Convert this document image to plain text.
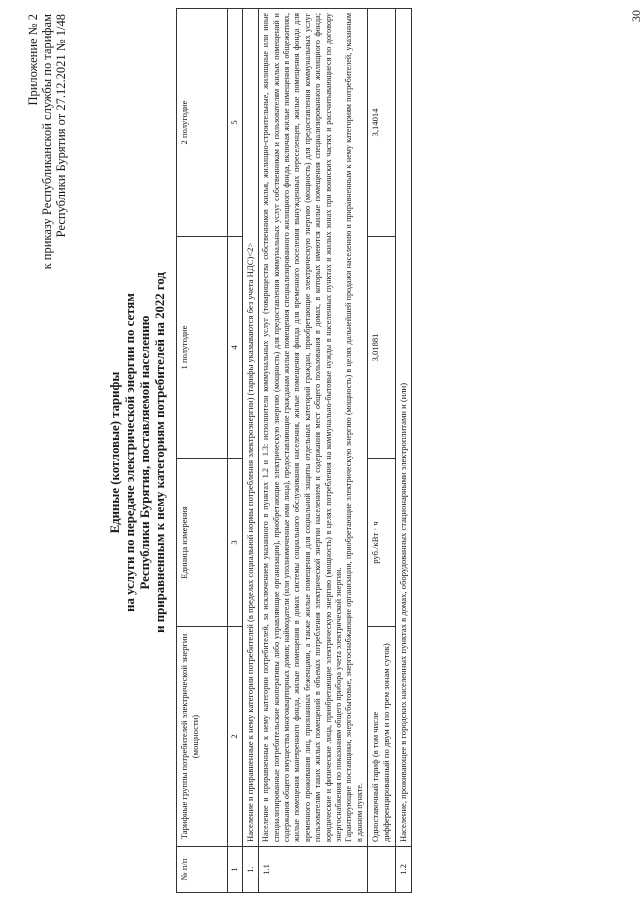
Приложение № 2 к приказу Республиканской службы по тарифам Республики Бурятия от 27.12.2021 № 1/48
Единые (котловые) тарифы на услуги по передаче электрической энергии по сетям Республики Бурятия, поставляемой населению и приравненным к нему категориям потребителей на 2022 год
№ п/п	Тарифные группы потребителей электрической энергии (мощности)	Единица измерения	1 полугодие	2 полугодие
1	2	3	4	5
1.	Население и приравненные к нему категории потребителей (в пределах социальной нормы потребления электроэнергии) (тарифы указываются без учета НДС)<2>			
1.1	Население и приравненные к нему категории потребителей, за исключением указанного в пунктах 1.2 и 1.3: исполнители коммунальных услуг (товарищества собственников жилья, жилищно-строительные, жилищные или иные специализированные потребительские кооперативы либо управляющие организации), приобретающие электрическую энергию (мощность) для предоставления коммунальных услуг собственникам и пользователям жилых помещений и содержания общего имущества многоквартирных домов; наймодатели (или уполномоченные ими лица), предоставляющие гражданам жилые помещения специализированного жилищного фонда, включая жилые помещения в общежитиях, жилые помещения маневренного фонда, жилые помещения в домах системы социального обслуживания населения, жилые помещения фонда для временного поселения вынужденных переселенцев, жилые помещения фонда для временного проживания лиц, признанных беженцами, а также жилые помещения для социальной защиты отдельных категорий граждан, приобретающие электрическую энергию (мощность) для предоставления коммунальных услуг пользователям таких жилых помещений в объемах потребления электрической энергии населением и содержания мест общего пользования в домах, в которых имеются жилые помещения специализированного жилищного фонда; юридические и физические лица, приобретающие электрическую энергию (мощность) в целях потребления на коммунально-бытовые нужды в населенных пунктах и жилых зонах при воинских частях и рассчитывающиеся по договору энергоснабжения по показаниям общего прибора учета электрической энергии. Гарантирующие поставщики, энергосбытовые, энергоснабжающие организации, приобретающие электрическую энергию (мощность) в целях дальнейшей продажи населению и приравненным к нему категориям потребителей, указанным в данном пункте.			

	Одноставочный тариф (в том числе дифференцированный по двум и по трем зонам суток)	руб./кВт · ч	3,01881	3,14014
1.2	Население, проживающее в городских населенных пунктах в домах, оборудованных стационарными электроплитами и (или)			
30
